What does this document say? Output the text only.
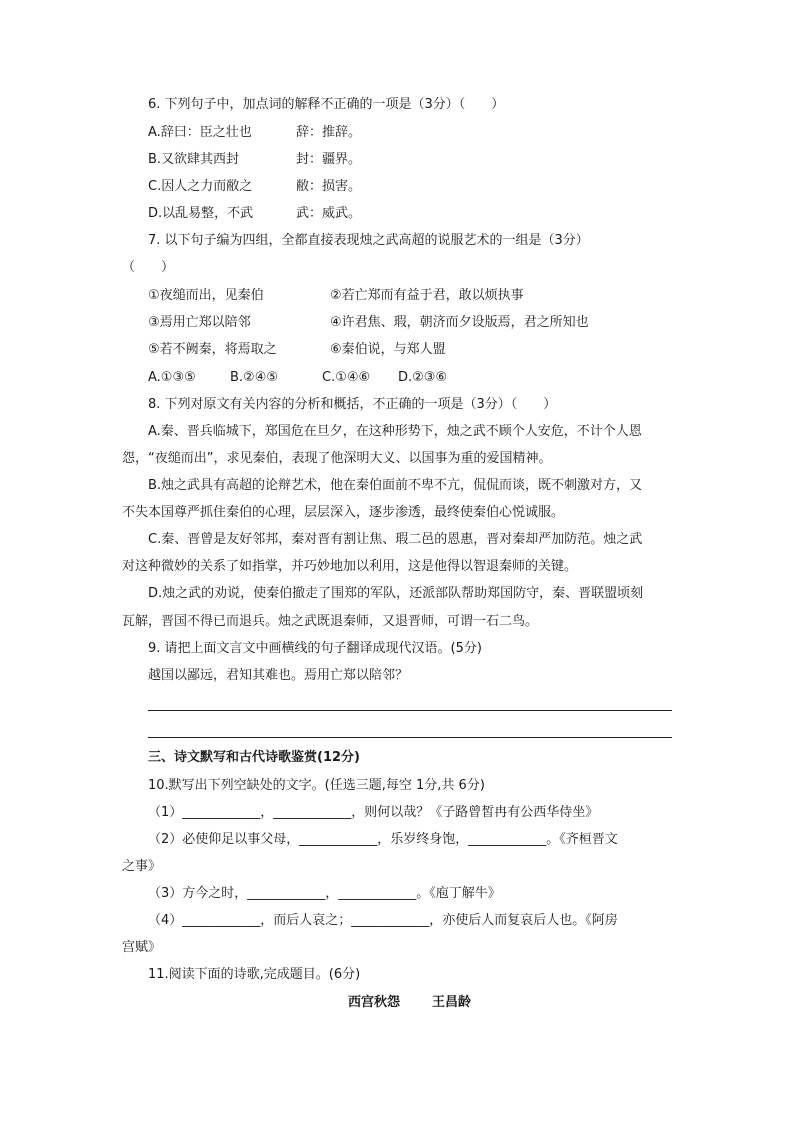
6. 下列句子中，加点词的解释不正确的一项是（3分）（　　）
A.辞曰：臣之壮也	辞：推辞。
B.又欲肆其西封	封：疆界。
C.因人之力而敝之	敝：损害。
D.以乱易整，不武	武：威武。
7. 以下句子编为四组，全都直接表现烛之武高超的说服艺术的一组是（3分）
（　　）
①夜缒而出，见秦伯	②若亡郑而有益于君，敢以烦执事
③焉用亡郑以陪邻	④许君焦、瑕，朝济而夕设版焉，君之所知也
⑤若不阙秦，将焉取之	⑥秦伯说，与郑人盟
A.①③⑤	B.②④⑤	C.①④⑥ D.②③⑥
8. 下列对原文有关内容的分析和概括，不正确的一项是（3分）（　　）
A.秦、晋兵临城下，郑国危在旦夕，在这种形势下，烛之武不顾个人安危，不计个人恩
怨，“夜缒而出”，求见秦伯，表现了他深明大义、以国事为重的爱国精神。
B.烛之武具有高超的论辩艺术，他在秦伯面前不卑不亢，侃侃而谈，既不刺激对方，又
不失本国尊严抓住秦伯的心理，层层深入，逐步渗透，最终使秦伯心悦诚服。
C.秦、晋曾是友好邻邦，秦对晋有割让焦、瑕二邑的恩惠，晋对秦却严加防范。烛之武
对这种微妙的关系了如指掌，并巧妙地加以利用，这是他得以智退秦师的关键。
D.烛之武的劝说，使秦伯撤走了围郑的军队，还派部队帮助郑国防守，秦、晋联盟顷刻
瓦解，晋国不得已而退兵。烛之武既退秦师，又退晋师，可谓一石二鸟。
9. 请把上面文言文中画横线的句子翻译成现代汉语。(5分)
越国以鄙远，君知其难也。焉用亡郑以陪邻？
三、诗文默写和古代诗歌鉴赏(12分)
10.默写出下列空缺处的文字。(任选三题,每空 1分,共 6分)
（1）____________，____________，则何以哉？《子路曾皙冉有公西华侍坐》
（2）必使仰足以事父母，____________，乐岁终身饱，____________。《齐桓晋文
之事》
（3）方今之时，____________，____________。《庖丁解牛》
（4）____________，而后人哀之；____________，亦使后人而复哀后人也。《阿房
宫赋》
11.阅读下面的诗歌,完成题目。(6分)
西宫秋怨 王昌龄
